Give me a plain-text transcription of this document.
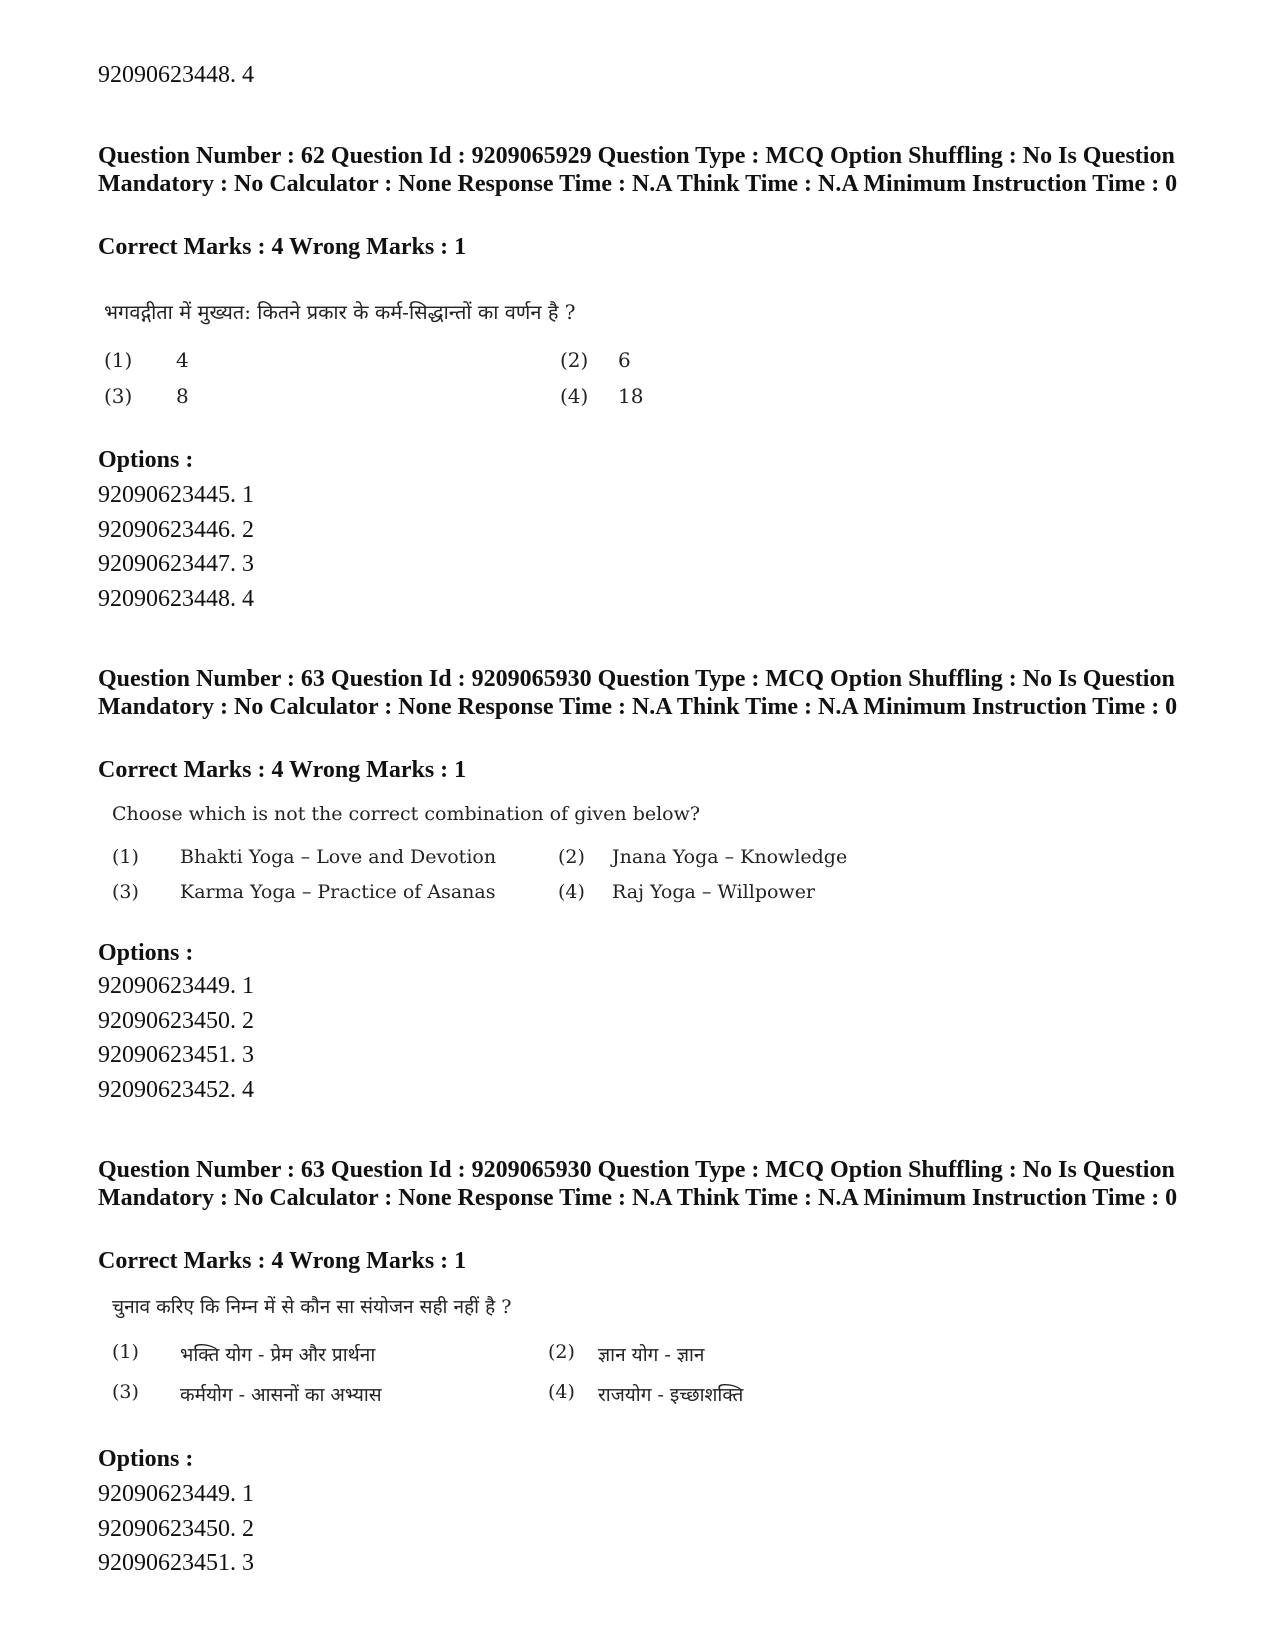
92090623448. 4
Question Number : 62 Question Id : 9209065929 Question Type : MCQ Option Shuffling : No Is Question Mandatory : No Calculator : None Response Time : N.A Think Time : N.A Minimum Instruction Time : 0
Correct Marks : 4 Wrong Marks : 1
भगवद्गीता में मुख्यत: कितने प्रकार के कर्म-सिद्धान्तों का वर्णन है ?
(1) 4	(2) 6
(3) 8	(4) 18
Options :
92090623445. 1
92090623446. 2
92090623447. 3
92090623448. 4
Question Number : 63 Question Id : 9209065930 Question Type : MCQ Option Shuffling : No Is Question Mandatory : No Calculator : None Response Time : N.A Think Time : N.A Minimum Instruction Time : 0
Correct Marks : 4 Wrong Marks : 1
Choose which is not the correct combination of given below?
(1) Bhakti Yoga – Love and Devotion	(2) Jnana Yoga – Knowledge
(3) Karma Yoga – Practice of Asanas	(4) Raj Yoga – Willpower
Options :
92090623449. 1
92090623450. 2
92090623451. 3
92090623452. 4
Question Number : 63 Question Id : 9209065930 Question Type : MCQ Option Shuffling : No Is Question Mandatory : No Calculator : None Response Time : N.A Think Time : N.A Minimum Instruction Time : 0
Correct Marks : 4 Wrong Marks : 1
चुनाव करिए कि निम्न में से कौन सा संयोजन सही नहीं है ?
(1) भक्ति योग - प्रेम और प्रार्थना	(2) ज्ञान योग - ज्ञान
(3) कर्मयोग - आसनों का अभ्यास	(4) राजयोग - इच्छाशक्ति
Options :
92090623449. 1
92090623450. 2
92090623451. 3
